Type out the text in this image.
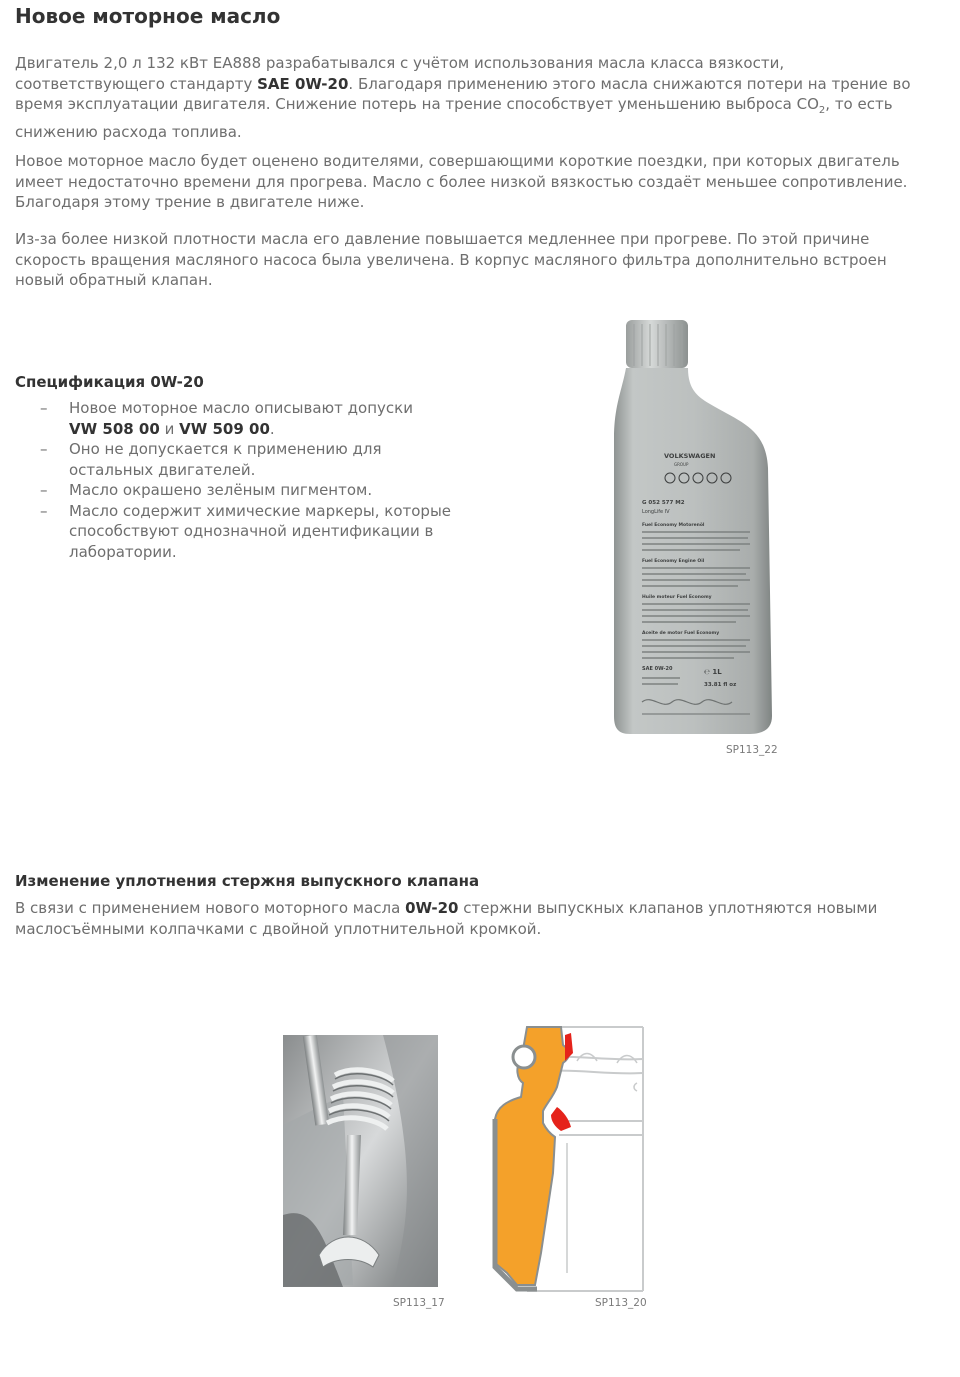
Новое моторное масло

Двигатель 2,0 л 132 кВт EA888 разрабатывался с учётом использования масла класса вязкости, соответствующего стандарту SAE 0W-20. Благодаря применению этого масла снижаются потери на трение во время эксплуатации двигателя. Снижение потерь на трение способствует уменьшению выброса $CO_2$, то есть снижению расхода топлива.

Новое моторное масло будет оценено водителями, совершающими короткие поездки, при которых двигатель имеет недостаточно времени для прогрева. Масло с более низкой вязкостью создаёт меньшее сопротивление. Благодаря этому трение в двигателе ниже.

Из-за более низкой плотности масла его давление повышается медленнее при прогреве. По этой причине скорость вращения масляного насоса была увеличена. В корпус масляного фильтра дополнительно встроен новый обратный клапан.

Спецификация 0W-20
– Новое моторное масло описывают допуски
VW 508 00 и VW 509 00.
– Оно не допускается к применению для остальных двигателей.
– Масло окрашено зелёным пигментом.
– Масло содержит химические маркеры, которые способствуют однозначной идентификации в лаборатории.
VOLKSWAGEN
GROUP
G 052 577 M2
LongLife IV
Fuel Economy Motorenöl
Fuel Economy Engine Oil
Huile moteur Fuel Economy
Aceite de motor Fuel Economy
SAE 0W-20	℮ 1L
33.81 fl oz
SP113_22
Изменение уплотнения стержня выпускного клапана

В связи с применением нового моторного масла 0W-20 стержни выпускных клапанов уплотняются новыми маслосъёмными колпачками с двойной уплотнительной кромкой.

SP113_17	SP113_20
